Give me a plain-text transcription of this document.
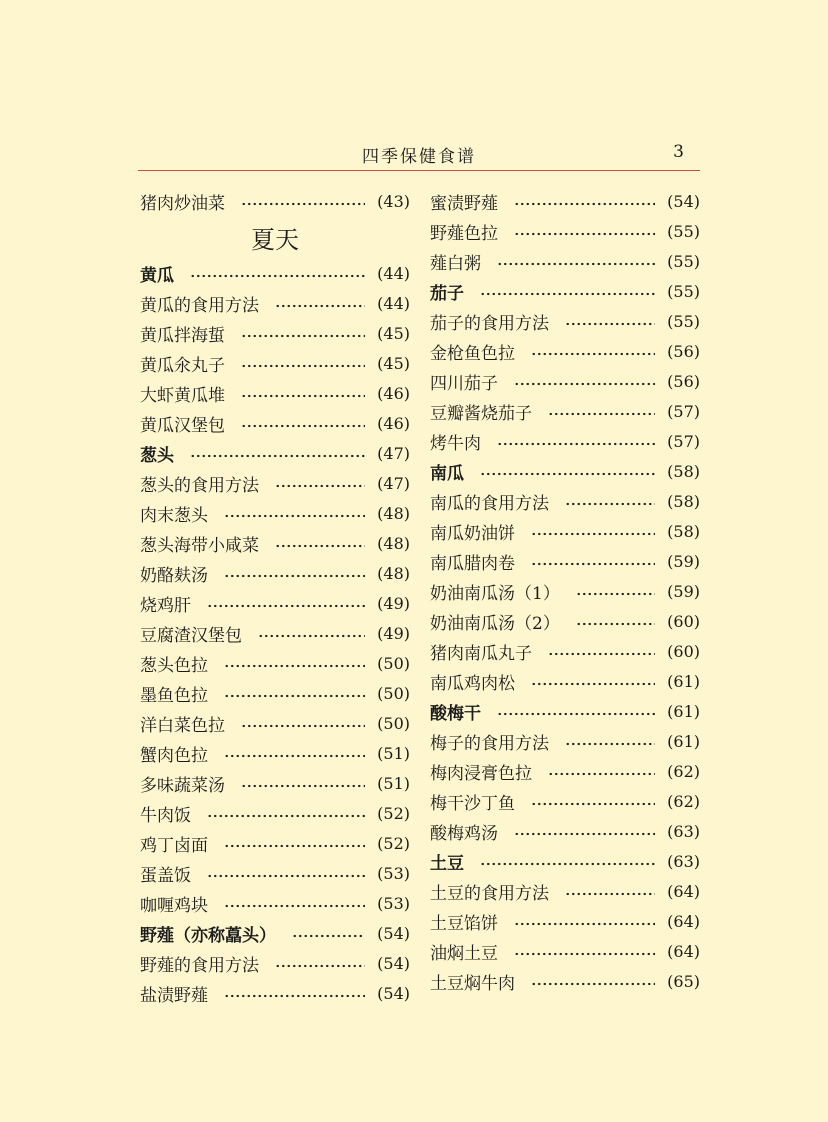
四季保健食谱	3
猪肉炒油菜	(43)
夏天
黄瓜	(44)
黄瓜的食用方法	(44)
黄瓜拌海蜇	(45)
黄瓜氽丸子	(45)
大虾黄瓜堆	(46)
黄瓜汉堡包	(46)
葱头	(47)
葱头的食用方法	(47)
肉末葱头	(48)
葱头海带小咸菜	(48)
奶酪麸汤	(48)
烧鸡肝	(49)
豆腐渣汉堡包	(49)
葱头色拉	(50)
墨鱼色拉	(50)
洋白菜色拉	(50)
蟹肉色拉	(51)
多味蔬菜汤	(51)
牛肉饭	(52)
鸡丁卤面	(52)
蛋盖饭	(53)
咖喱鸡块	(53)
野薤（亦称藠头）	(54)
野薤的食用方法	(54)
盐渍野薤	(54)
蜜渍野薤	(54)
野薤色拉	(55)
薤白粥	(55)
茄子	(55)
茄子的食用方法	(55)
金枪鱼色拉	(56)
四川茄子	(56)
豆瓣酱烧茄子	(57)
烤牛肉	(57)
南瓜	(58)
南瓜的食用方法	(58)
南瓜奶油饼	(58)
南瓜腊肉卷	(59)
奶油南瓜汤（1）	(59)
奶油南瓜汤（2）	(60)
猪肉南瓜丸子	(60)
南瓜鸡肉松	(61)
酸梅干	(61)
梅子的食用方法	(61)
梅肉浸膏色拉	(62)
梅干沙丁鱼	(62)
酸梅鸡汤	(63)
土豆	(63)
土豆的食用方法	(64)
土豆馅饼	(64)
油焖土豆	(64)
土豆焖牛肉	(65)
